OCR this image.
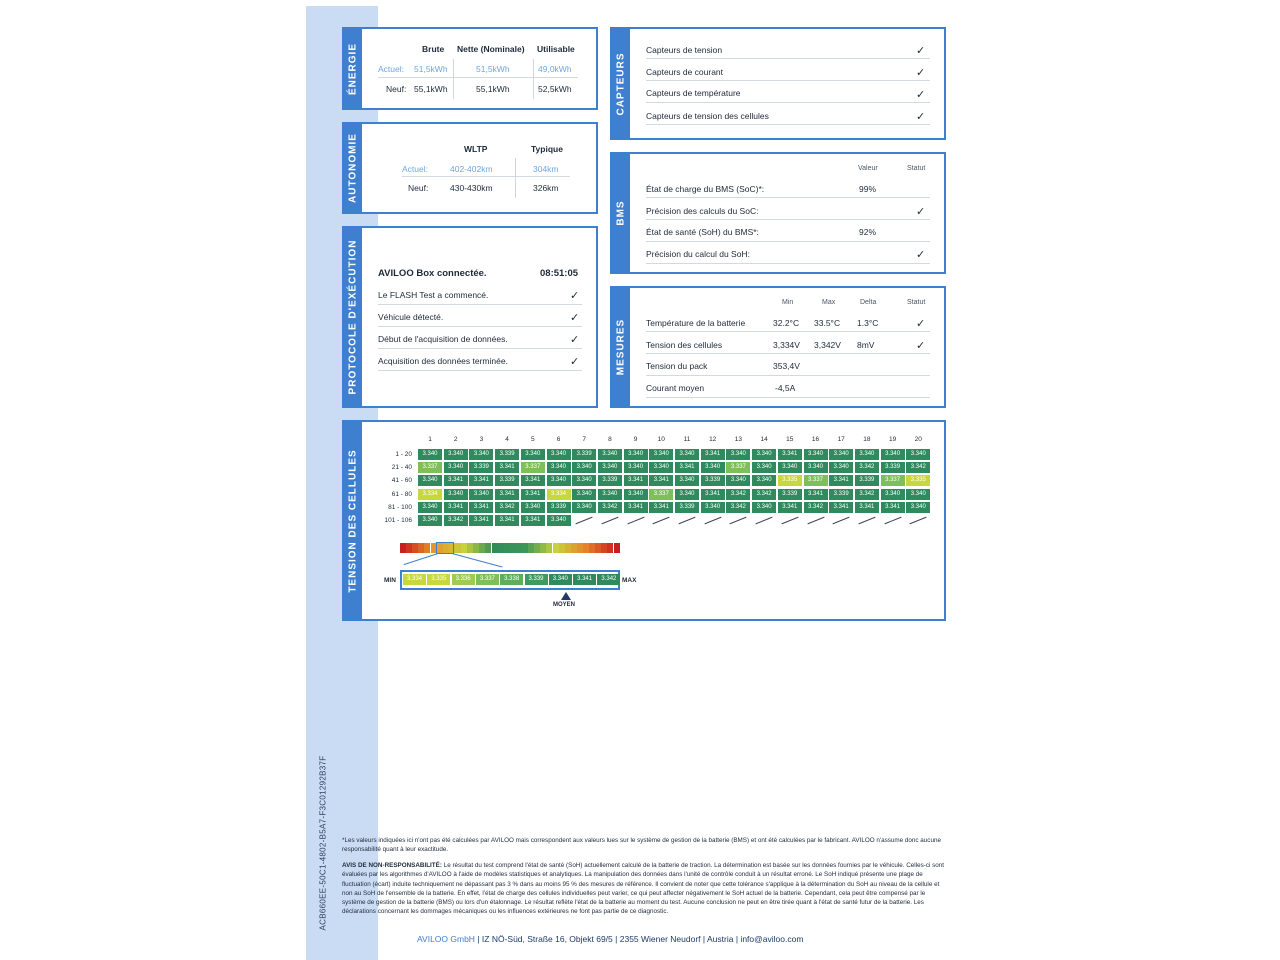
ACB660EE-50C1-4802-B5A7-F3C01292B37F
ÉNERGIE	Brute Nette (Nominale) Utilisable
Actuel: 51,5kWh	51,5kWh	49,0kWh
Neuf: 55,1kWh	55,1kWh	52,5kWh
AUTONOMIE	WLTP	Typique
Actuel:	402-402km	304km
Neuf:	430-430km	326km
PROTOCOLE D'EXÉCUTION AVILOO Box connectée.	08:51:05
Le FLASH Test a commencé.	✓
Véhicule détecté.	✓
Début de l'acquisition de données.	✓
Acquisition des données terminée.	✓
CAPTEURS
Capteurs de tension	✓
Capteurs de courant	✓
Capteurs de température	✓
Capteurs de tension des cellules	✓
BMS
Valeur	Statut
État de charge du BMS (SoC)*:	99%
Précision des calculs du SoC:	✓
État de santé (SoH) du BMS*:	92%
Précision du calcul du SoH:	✓
MESURES
Min	Max	Delta	Statut
Température de la batterie	32.2°C 33.5°C 1.3°C	✓
Tension des cellules	3,334V 3,342V 8mV	✓
Tension du pack	353,4V
Courant moyen	-4,5A
TENSION DES CELLULES
1	2	3	4	5	6	7	8	9	10	11	12	13	14	15	16	17	18	19	20
1 - 20	3.340	3.340	3.340	3.339	3.340	3.340	3.339	3.340	3.340	3.340	3.340	3.341	3.340	3.340	3.341	3.340	3.340	3.340	3.340	3.340
21 - 40	3.337	3.340	3.339	3.341	3.337	3.340	3.340	3.340	3.340	3.340	3.341	3.340	3.337	3.340	3.340	3.340	3.340	3.342	3.339	3.342
41 - 60	3.340	3.341	3.341	3.339	3.341	3.340	3.340	3.339	3.341	3.341	3.340	3.339	3.340	3.340	3.335	3.337	3.341	3.339	3.337	3.335
61 - 80	3.334	3.340	3.340	3.341	3.341	3.334	3.340	3.340	3.340	3.337	3.340	3.341	3.342	3.342	3.339	3.341	3.339	3.342	3.340	3.340
81 - 100	3.340	3.341	3.341	3.342	3.340	3.339	3.340	3.342	3.341	3.341	3.339	3.340	3.342	3.340	3.341	3.342	3.341	3.341	3.341	3.340
101 - 106	3.340	3.342	3.341	3.341	3.341	3.340
3.334	3.335	3.336	3.337	3.338	3.339	3.340	3.341	3.342
MIN	MAX
MOYEN
*Les valeurs indiquées ici n'ont pas été calculées par AVILOO mais correspondent aux valeurs lues sur le système de gestion de la batterie (BMS) et ont été calculées par le fabricant. AVILOO n'assume donc aucune responsabilité quant à leur exactitude.
AVIS DE NON-RESPONSABILITÉ: Le résultat du test comprend l'état de santé (SoH) actuellement calculé de la batterie de traction. La détermination est basée sur les données fournies par le véhicule. Celles-ci sont évaluées par les algorithmes d'AVILOO à l'aide de modèles statistiques et analytiques. La manipulation des données dans l'unité de contrôle conduit à un résultat erroné. Le SoH indiqué présente une plage de fluctuation (écart) induite techniquement ne dépassant pas 3 % dans au moins 95 % des mesures de référence. Il convient de noter que cette tolérance s'applique à la détermination du SoH au niveau de la cellule et non au SoH de l'ensemble de la batterie. En effet, l'état de charge des cellules individuelles peut varier, ce qui peut affecter négativement le SoH actuel de la batterie. Cependant, cela peut être compensé par le système de gestion de la batterie (BMS) ou lors d'un étalonnage. Le résultat reflète l'état de la batterie au moment du test. Aucune conclusion ne peut en être tirée quant à l'état de santé futur de la batterie. Les déclarations concernant les dommages mécaniques ou les influences extérieures ne font pas partie de ce diagnostic.
AVILOO GmbH | IZ NÖ-Süd, Straße 16, Objekt 69/5 | 2355 Wiener Neudorf | Austria | info@aviloo.com
